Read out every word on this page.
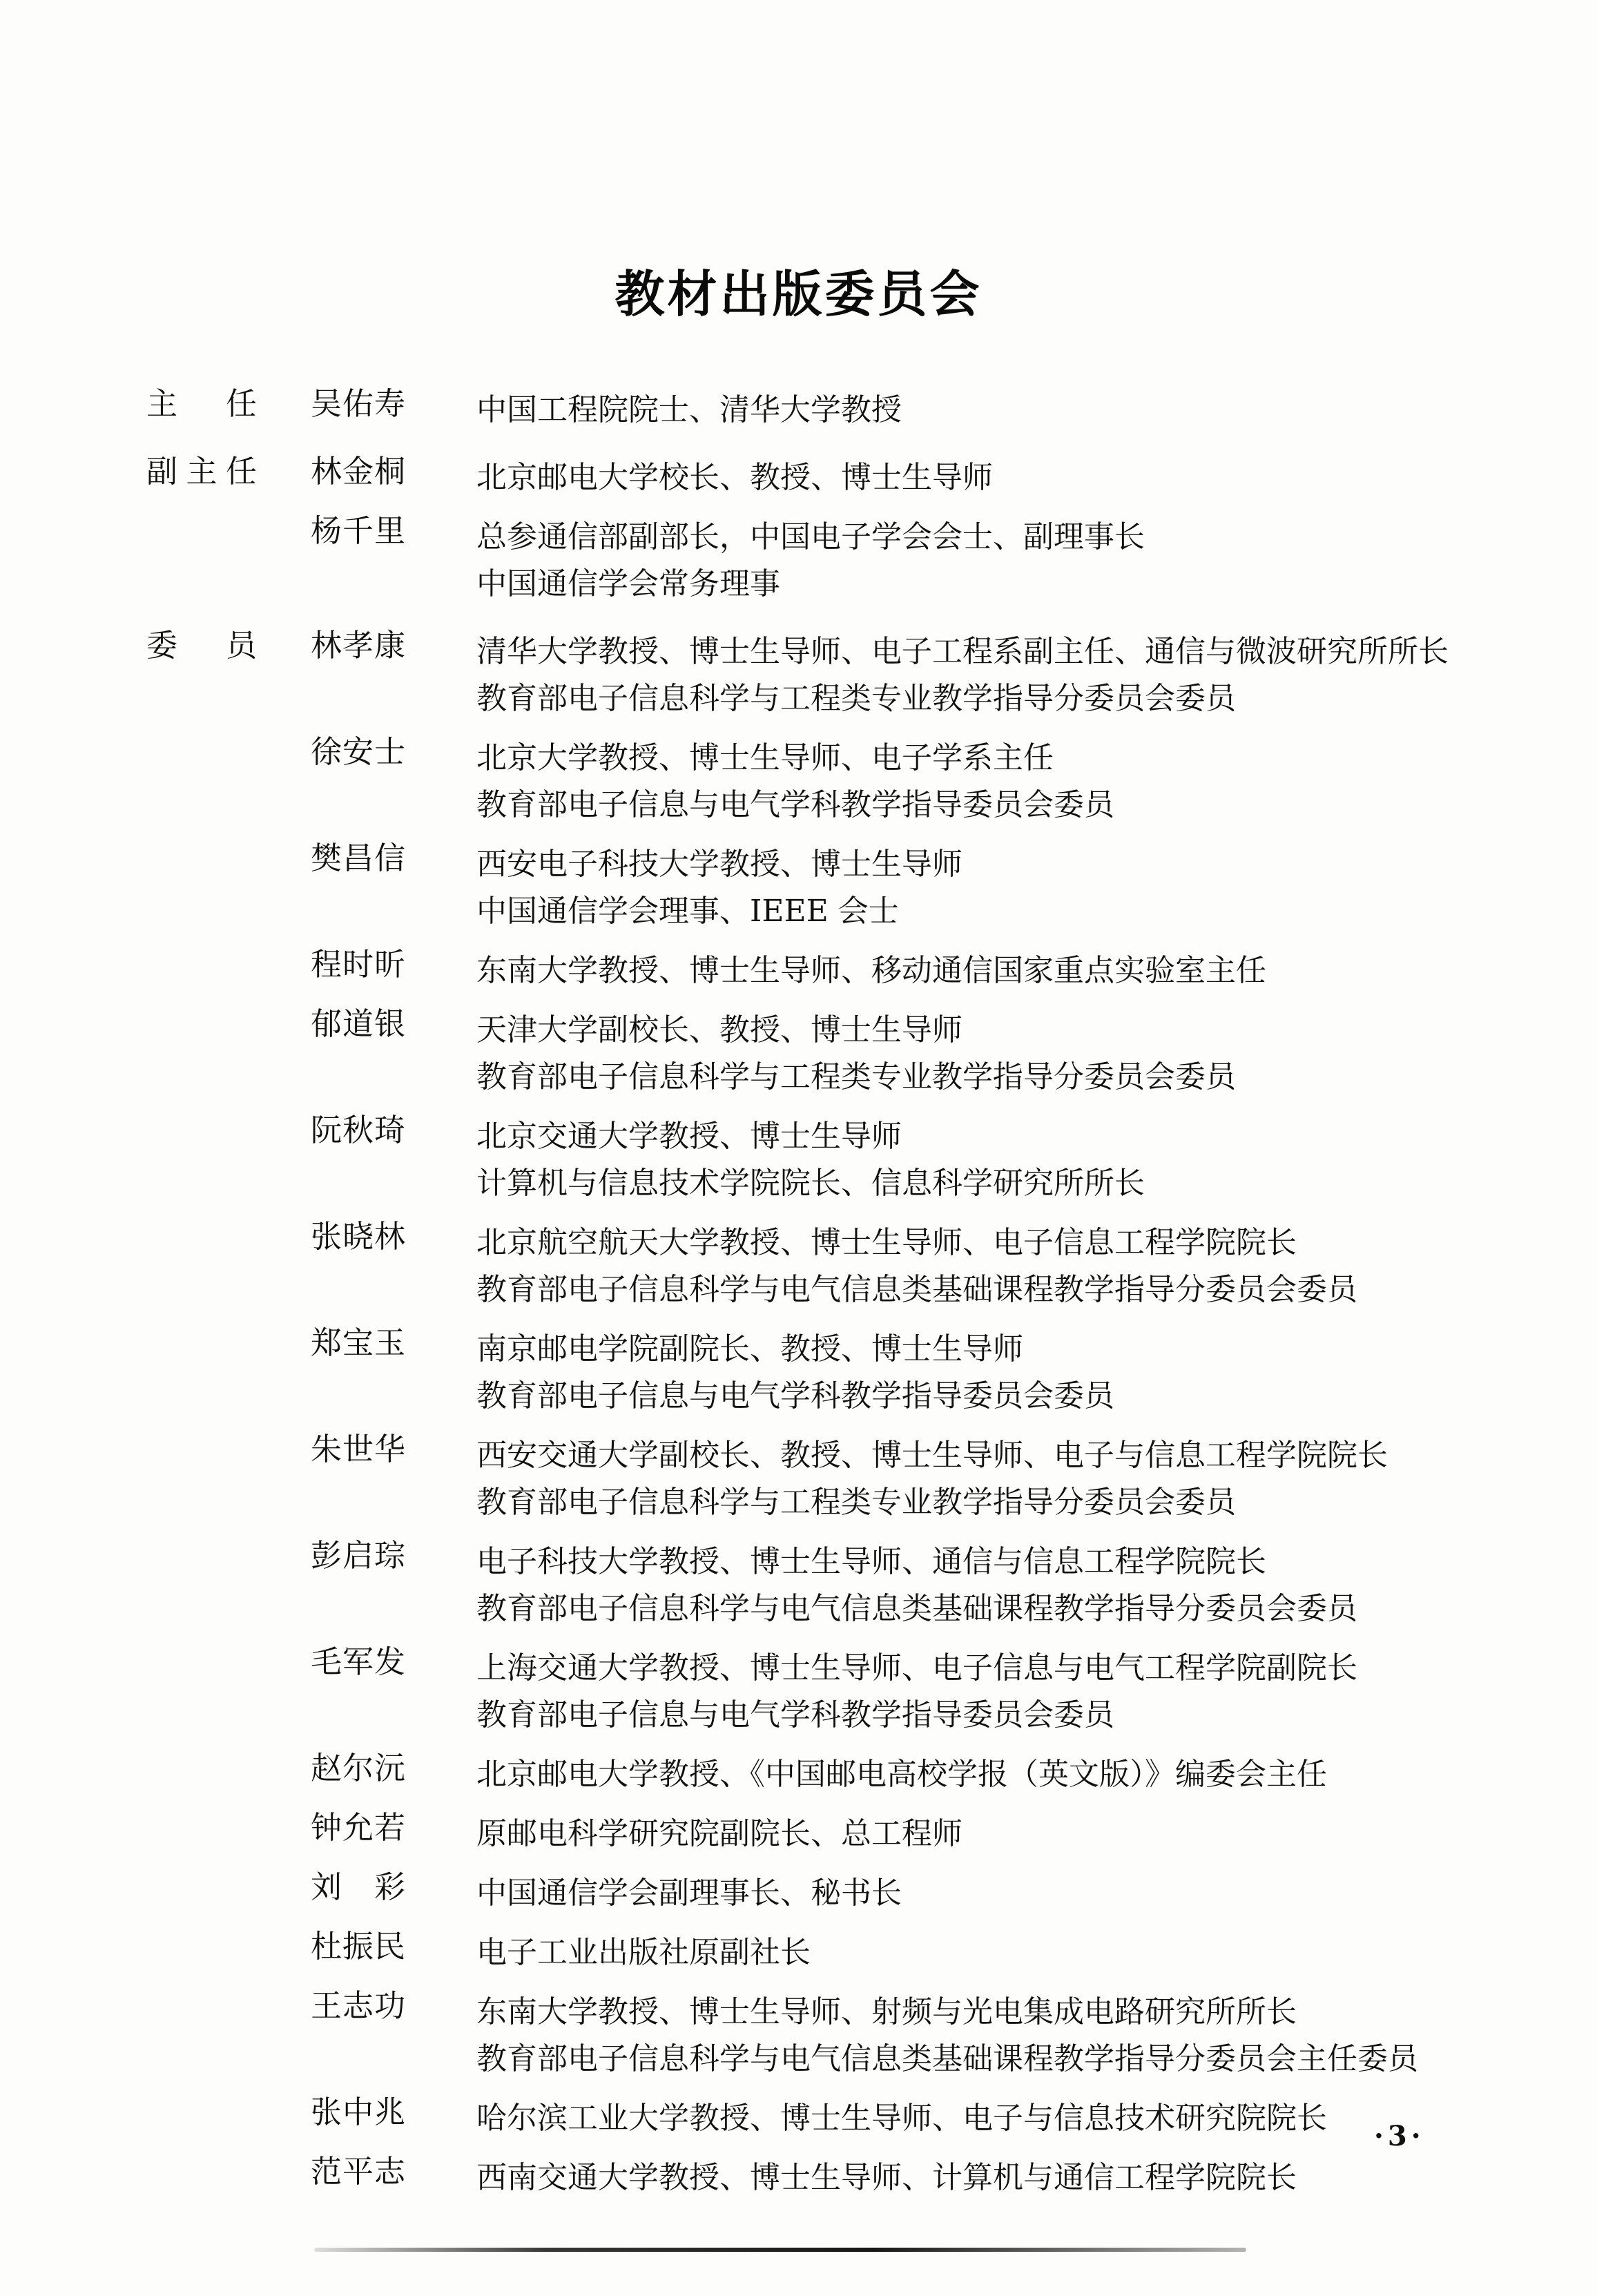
教材出版委员会
主任 吴佑寿	中国工程院院士、清华大学教授
副主任 林金桐	北京邮电大学校长、教授、博士生导师
杨千里	总参通信部副部长，中国电子学会会士、副理事长
中国通信学会常务理事
委员 林孝康	清华大学教授、博士生导师、电子工程系副主任、通信与微波研究所所长
教育部电子信息科学与工程类专业教学指导分委员会委员
徐安士	北京大学教授、博士生导师、电子学系主任
教育部电子信息与电气学科教学指导委员会委员
樊昌信	西安电子科技大学教授、博士生导师
中国通信学会理事、IEEE 会士
程时昕	东南大学教授、博士生导师、移动通信国家重点实验室主任
郁道银	天津大学副校长、教授、博士生导师
教育部电子信息科学与工程类专业教学指导分委员会委员
阮秋琦	北京交通大学教授、博士生导师
计算机与信息技术学院院长、信息科学研究所所长
张晓林	北京航空航天大学教授、博士生导师、电子信息工程学院院长
教育部电子信息科学与电气信息类基础课程教学指导分委员会委员
郑宝玉	南京邮电学院副院长、教授、博士生导师
教育部电子信息与电气学科教学指导委员会委员
朱世华	西安交通大学副校长、教授、博士生导师、电子与信息工程学院院长
教育部电子信息科学与工程类专业教学指导分委员会委员
彭启琮	电子科技大学教授、博士生导师、通信与信息工程学院院长
教育部电子信息科学与电气信息类基础课程教学指导分委员会委员
毛军发	上海交通大学教授、博士生导师、电子信息与电气工程学院副院长
教育部电子信息与电气学科教学指导委员会委员
赵尔沅	北京邮电大学教授、《中国邮电高校学报（英文版）》编委会主任
钟允若	原邮电科学研究院副院长、总工程师
刘　彩	中国通信学会副理事长、秘书长
杜振民	电子工业出版社原副社长
王志功	东南大学教授、博士生导师、射频与光电集成电路研究所所长
教育部电子信息科学与电气信息类基础课程教学指导分委员会主任委员
张中兆	哈尔滨工业大学教授、博士生导师、电子与信息技术研究院院长
范平志	西南交通大学教授、博士生导师、计算机与通信工程学院院长
·3·
